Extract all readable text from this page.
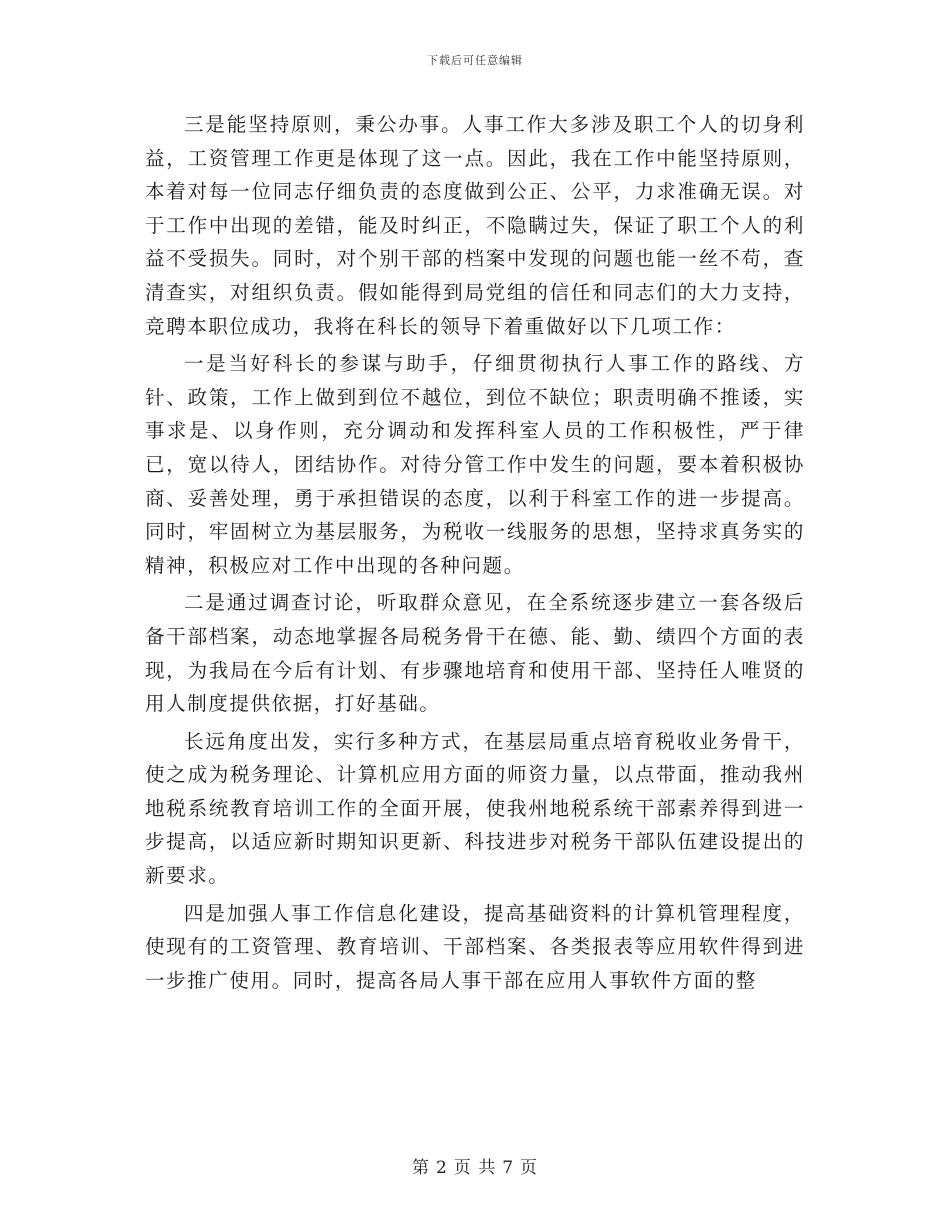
下载后可任意编辑

三是能坚持原则，秉公办事。人事工作大多涉及职工个人的切身利益，工资管理工作更是体现了这一点。因此，我在工作中能坚持原则，本着对每一位同志仔细负责的态度做到公正、公平，力求准确无误。对于工作中出现的差错，能及时纠正，不隐瞒过失，保证了职工个人的利益不受损失。同时，对个别干部的档案中发现的问题也能一丝不苟，查清查实，对组织负责。假如能得到局党组的信任和同志们的大力支持，竞聘本职位成功，我将在科长的领导下着重做好以下几项工作：

一是当好科长的参谋与助手，仔细贯彻执行人事工作的路线、方针、政策，工作上做到到位不越位，到位不缺位；职责明确不推诿，实事求是、以身作则，充分调动和发挥科室人员的工作积极性，严于律已，宽以待人，团结协作。对待分管工作中发生的问题，要本着积极协商、妥善处理，勇于承担错误的态度，以利于科室工作的进一步提高。同时，牢固树立为基层服务，为税收一线服务的思想，坚持求真务实的精神，积极应对工作中出现的各种问题。

二是通过调查讨论，听取群众意见，在全系统逐步建立一套各级后备干部档案，动态地掌握各局税务骨干在德、能、勤、绩四个方面的表现，为我局在今后有计划、有步骤地培育和使用干部、坚持任人唯贤的用人制度提供依据，打好基础。

长远角度出发，实行多种方式，在基层局重点培育税收业务骨干，使之成为税务理论、计算机应用方面的师资力量，以点带面，推动我州地税系统教育培训工作的全面开展，使我州地税系统干部素养得到进一步提高，以适应新时期知识更新、科技进步对税务干部队伍建设提出的新要求。

四是加强人事工作信息化建设，提高基础资料的计算机管理程度，使现有的工资管理、教育培训、干部档案、各类报表等应用软件得到进一步推广使用。同时，提高各局人事干部在应用人事软件方面的整

第 2 页 共 7 页
